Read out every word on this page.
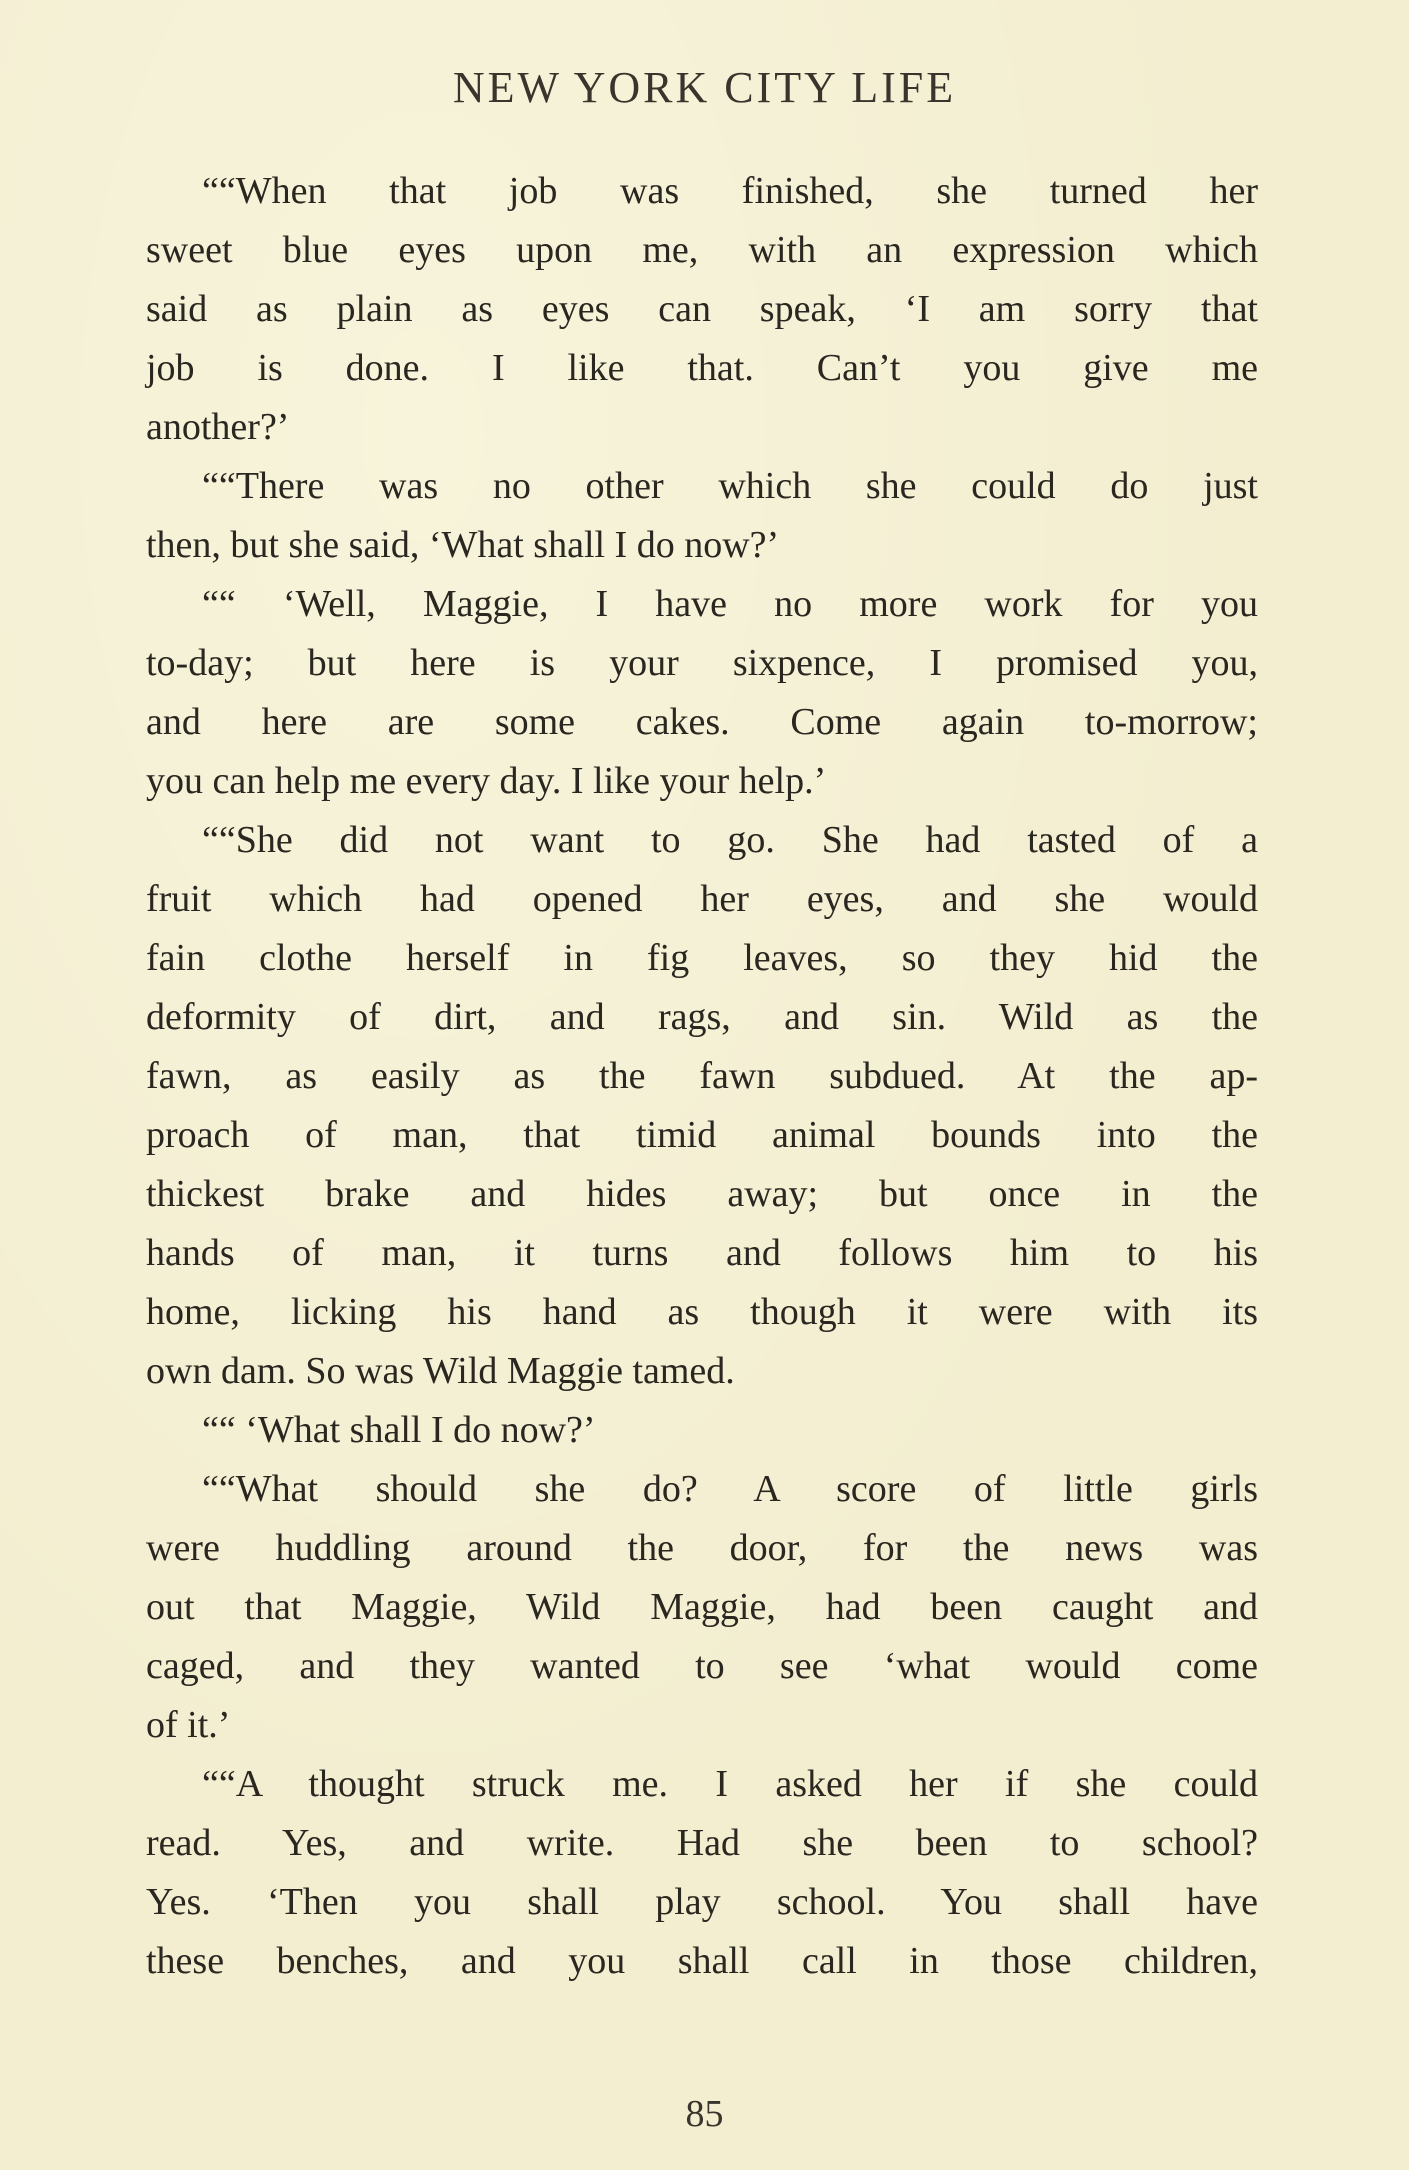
NEW YORK CITY LIFE
““When that job was finished, she turned her
sweet blue eyes upon me, with an expression which
said as plain as eyes can speak, ‘I am sorry that
job is done. I like that. Can’t you give me
another?’
““There was no other which she could do just
then, but she said, ‘What shall I do now?’
““ ‘Well, Maggie, I have no more work for you
to-day; but here is your sixpence, I promised you,
and here are some cakes. Come again to-morrow;
you can help me every day. I like your help.’
““She did not want to go. She had tasted of a
fruit which had opened her eyes, and she would
fain clothe herself in fig leaves, so they hid the
deformity of dirt, and rags, and sin. Wild as the
fawn, as easily as the fawn subdued. At the ap-
proach of man, that timid animal bounds into the
thickest brake and hides away; but once in the
hands of man, it turns and follows him to his
home, licking his hand as though it were with its
own dam. So was Wild Maggie tamed.
““ ‘What shall I do now?’
““What should she do? A score of little girls
were huddling around the door, for the news was
out that Maggie, Wild Maggie, had been caught and
caged, and they wanted to see ‘what would come
of it.’
““A thought struck me. I asked her if she could
read. Yes, and write. Had she been to school?
Yes. ‘Then you shall play school. You shall have
these benches, and you shall call in those children,
85
